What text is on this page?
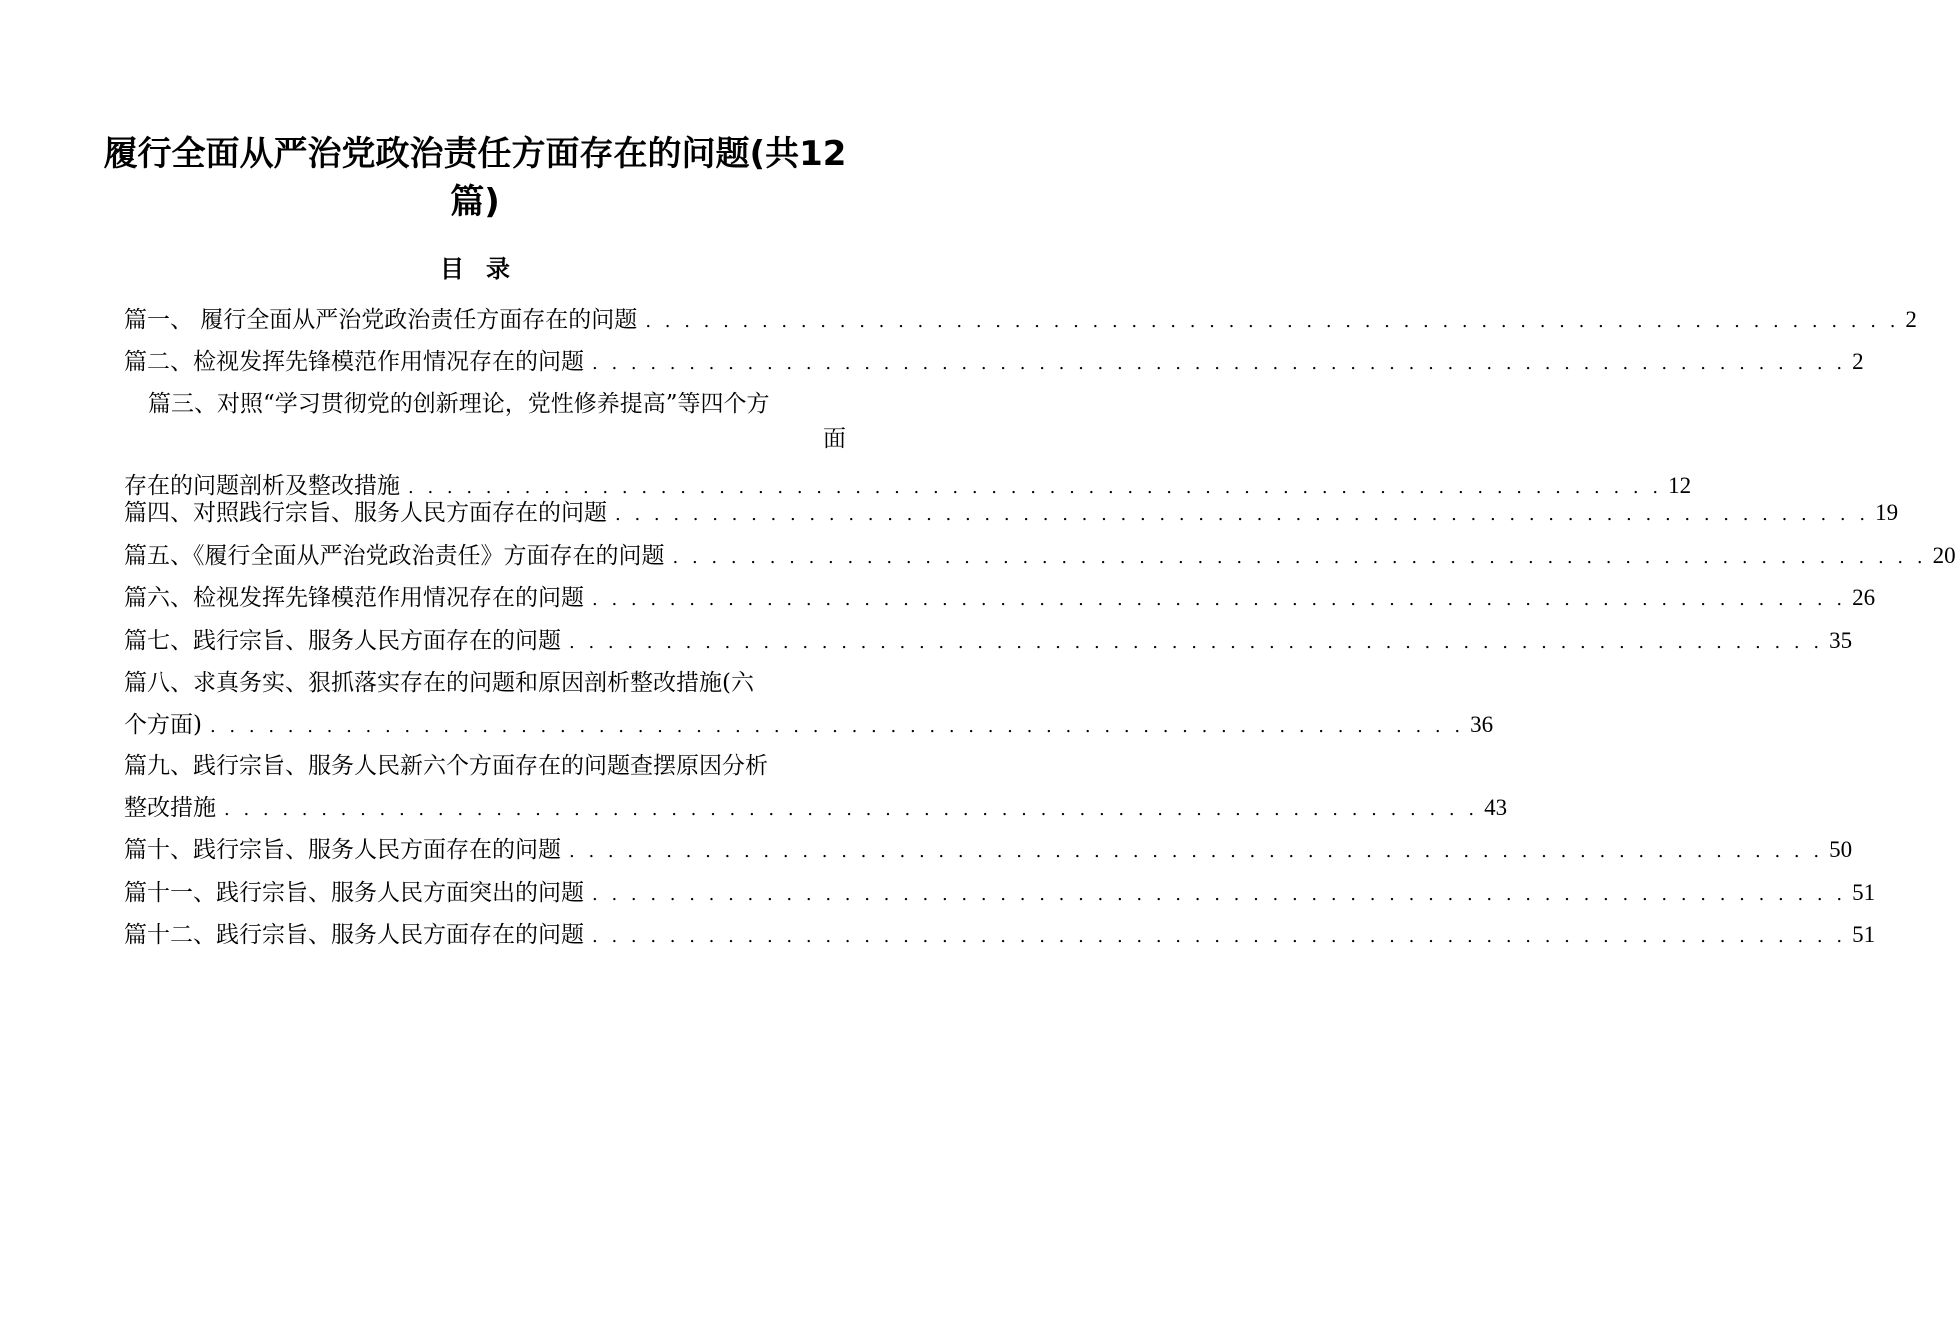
履行全面从严治党政治责任方面存在的问题(共12篇)
目录
篇一、 履行全面从严治党政治责任方面存在的问题 . . . . . . . . . . . . . . . . . . . . . . . . . . . . . . . . . . . . . . . . . . . . . . . . . . . . . . . . . . . . . . . . . 2
篇二、检视发挥先锋模范作用情况存在的问题 . . . . . . . . . . . . . . . . . . . . . . . . . . . . . . . . . . . . . . . . . . . . . . . . . . . . . . . . . . . . . . . . . 2
篇三、对照“学习贯彻党的创新理论，党性修养提高”等四个方
面
存在的问题剖析及整改措施 . . . . . . . . . . . . . . . . . . . . . . . . . . . . . . . . . . . . . . . . . . . . . . . . . . . . . . . . . . . . . . . . . 12
篇四、对照践行宗旨、服务人民方面存在的问题 . . . . . . . . . . . . . . . . . . . . . . . . . . . . . . . . . . . . . . . . . . . . . . . . . . . . . . . . . . . . . . . . . 19
篇五、《履行全面从严治党政治责任》方面存在的问题 . . . . . . . . . . . . . . . . . . . . . . . . . . . . . . . . . . . . . . . . . . . . . . . . . . . . . . . . . . . . . . . . . 20
篇六、检视发挥先锋模范作用情况存在的问题 . . . . . . . . . . . . . . . . . . . . . . . . . . . . . . . . . . . . . . . . . . . . . . . . . . . . . . . . . . . . . . . . . 26
篇七、践行宗旨、服务人民方面存在的问题 . . . . . . . . . . . . . . . . . . . . . . . . . . . . . . . . . . . . . . . . . . . . . . . . . . . . . . . . . . . . . . . . . 35
篇八、求真务实、狠抓落实存在的问题和原因剖析整改措施(六
个方面) . . . . . . . . . . . . . . . . . . . . . . . . . . . . . . . . . . . . . . . . . . . . . . . . . . . . . . . . . . . . . . . . . 36
篇九、践行宗旨、服务人民新六个方面存在的问题查摆原因分析
整改措施 . . . . . . . . . . . . . . . . . . . . . . . . . . . . . . . . . . . . . . . . . . . . . . . . . . . . . . . . . . . . . . . . . 43
篇十、践行宗旨、服务人民方面存在的问题 . . . . . . . . . . . . . . . . . . . . . . . . . . . . . . . . . . . . . . . . . . . . . . . . . . . . . . . . . . . . . . . . . 50
篇十一、践行宗旨、服务人民方面突出的问题 . . . . . . . . . . . . . . . . . . . . . . . . . . . . . . . . . . . . . . . . . . . . . . . . . . . . . . . . . . . . . . . . . 51
篇十二、践行宗旨、服务人民方面存在的问题 . . . . . . . . . . . . . . . . . . . . . . . . . . . . . . . . . . . . . . . . . . . . . . . . . . . . . . . . . . . . . . . . . 51
